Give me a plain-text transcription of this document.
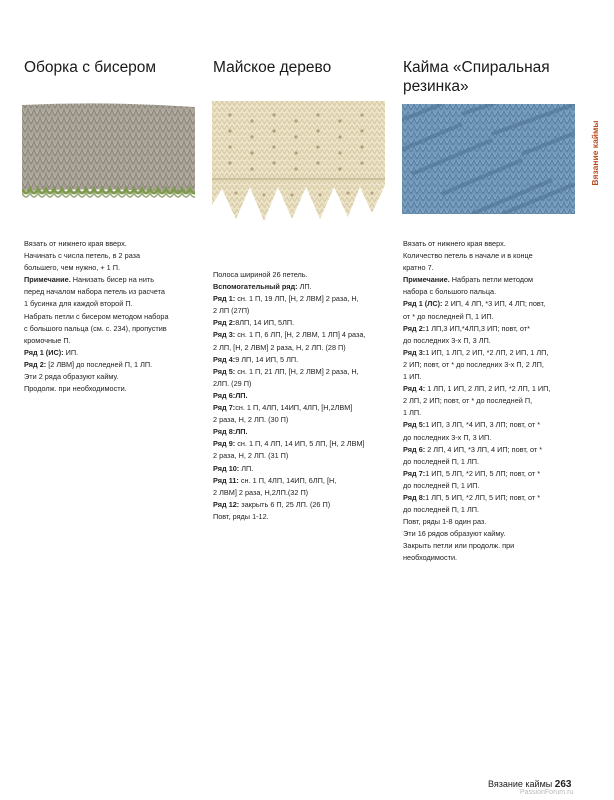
Оборка с бисером	Майское дерево	Кайма «Спиральная
резинка»

Вязать от нижнего края вверх.

Начинать с числа петель, в 2 раза

большего, чем нужно, + 1 П.

Примечание. Нанизать бисер на нить

перед началом набора петель из расчета

1 бусинка для каждой второй П.

Набрать петли с бисером методом набора

с большого пальца (см. с. 234), пропустив

кромочные П.

Ряд 1 (ИС): ИП.

Ряд 2: [2 ЛВМ] до последней П, 1 ЛП.

Эти 2 ряда образуют кайму.

Продолж. при необходимости.

Полоса шириной 26 петель.

Вспомогательный ряд: ЛП.

Ряд 1: сн. 1 П, 19 ЛП, [Н, 2 ЛВМ] 2 раза, Н,

2 ЛП (27П)

Ряд 2:8ЛП, 14 ИП, 5ЛП.

Ряд 3: сн. 1 П, 6 ЛП, [Н, 2 ЛВМ, 1 ЛП] 4 раза,

2 ЛП, [Н, 2 ЛВМ] 2 раза, Н, 2 ЛП. (28 П)

Ряд 4:9 ЛП, 14 ИП, 5 ЛП.

Ряд 5: сн. 1 П, 21 ЛП, [Н, 2 ЛВМ] 2 раза, Н,

2ЛП. (29 П)

Ряд 6:ЛП.

Ряд 7:сн. 1 П, 4ЛП, 14ИП, 4ЛП, [Н,2ЛВМ]

2 раза, Н, 2 ЛП. (30 П)

Ряд 8:ЛП.

Ряд 9: сн. 1 П, 4 ЛП, 14 ИП, 5 ЛП, [Н, 2 ЛВМ]

2 раза, Н, 2 ЛП. (31 П)

Ряд 10: ЛП.

Ряд 11: сн. 1 П, 4ЛП, 14ИП, 6ЛП, [Н,

2 ЛВМ] 2 раза, Н,2ЛП.(32 П)

Ряд 12: закрыть 6 П, 25 ЛП. (26 П)

Повт, ряды 1-12.

Вязать от нижнего края вверх.

Количество петель в начале и в конце

кратно 7.

Примечание. Набрать петли методом

набора с большого пальца.

Ряд 1 (ЛС): 2 ИП, 4 ЛП, *3 ИП, 4 ЛП; повт,

от * до последней П, 1 ИП.

Ряд 2:1 ЛП,3 ИП,*4ЛП,3 ИП; повт, от*

до последних 3-х П, 3 ЛП.

Ряд 3:1 ИП, 1 ЛП, 2 ИП, *2 ЛП, 2 ИП, 1 ЛП,

2 ИП; повт, от * до последних 3-х П, 2 ЛП,

1 ИП.

Ряд 4: 1 ЛП, 1 ИП, 2 ЛП, 2 ИП, *2 ЛП, 1 ИП,

2 ЛП, 2 ИП; повт, от * до последней П,

1 ЛП.

Ряд 5:1 ИП, 3 ЛП, *4 ИП, 3 ЛП; повт, от *

до последних 3-х П, 3 ИП.

Ряд 6: 2 ЛП, 4 ИП, *3 ЛП, 4 ИП; повт, от *

до последней П, 1 ЛП.

Ряд 7:1 ИП, 5 ЛП, *2 ИП, 5 ЛП; повт, от *

до последней П, 1 ИП.

Ряд 8:1 ЛП, 5 ИП, *2 ЛП, 5 ИП; повт, от *

до последней П, 1 ЛП.

Повт, ряды 1-8 один раз.

Эти 16 рядов образуют кайму.

Закрыть петли или продолж. при

необходимости.

Вязание каймы
Вязание каймы 263
PassionForum.ru
